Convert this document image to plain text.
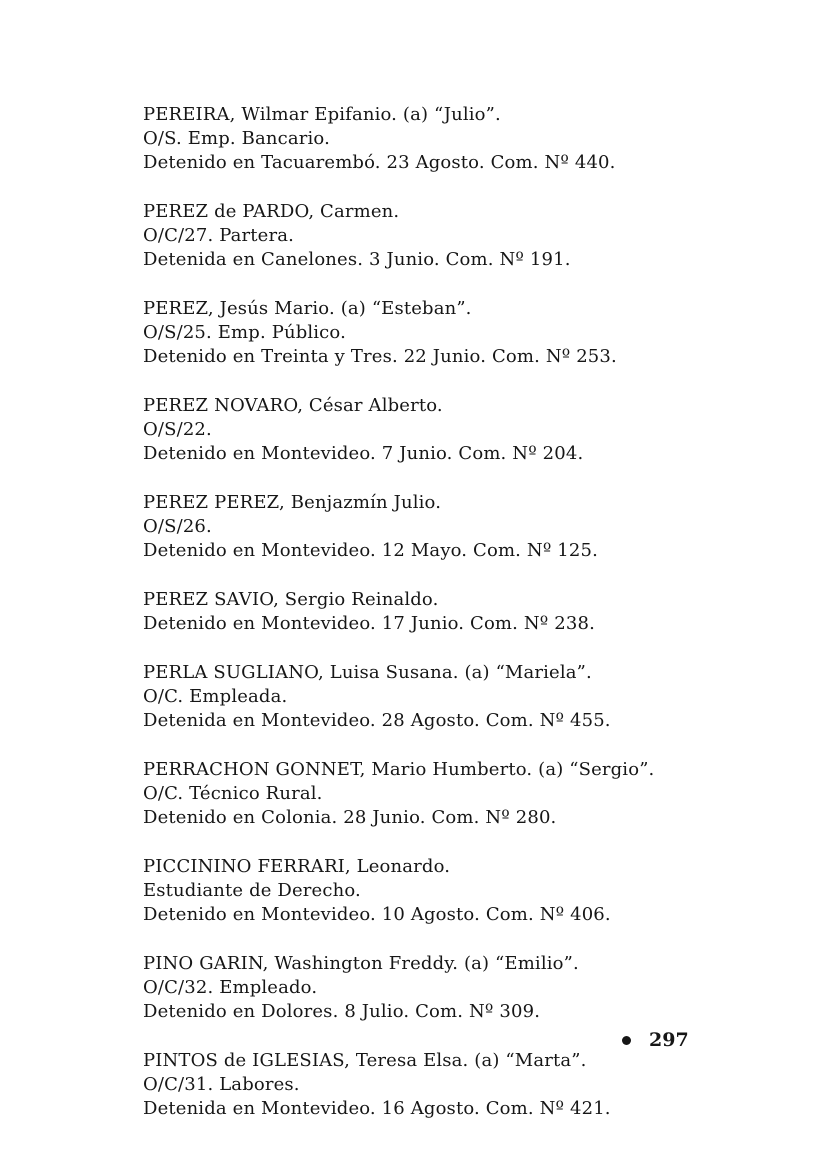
PEREIRA, Wilmar Epifanio. (a) “Julio”.
O/S. Emp. Bancario.
Detenido en Tacuarembó. 23 Agosto. Com. Nº 440.
PEREZ de PARDO, Carmen.
O/C/27. Partera.
Detenida en Canelones. 3 Junio. Com. Nº 191.
PEREZ, Jesús Mario. (a) “Esteban”.
O/S/25. Emp. Público.
Detenido en Treinta y Tres. 22 Junio. Com. Nº 253.
PEREZ NOVARO, César Alberto.
O/S/22.
Detenido en Montevideo. 7 Junio. Com. Nº 204.
PEREZ PEREZ, Benjazmín Julio.
O/S/26.
Detenido en Montevideo. 12 Mayo. Com. Nº 125.
PEREZ SAVIO, Sergio Reinaldo.
Detenido en Montevideo. 17 Junio. Com. Nº 238.
PERLA SUGLIANO, Luisa Susana. (a) “Mariela”.
O/C. Empleada.
Detenida en Montevideo. 28 Agosto. Com. Nº 455.
PERRACHON GONNET, Mario Humberto. (a) “Sergio”.
O/C. Técnico Rural.
Detenido en Colonia. 28 Junio. Com. Nº 280.
PICCININO FERRARI, Leonardo.
Estudiante de Derecho.
Detenido en Montevideo. 10 Agosto. Com. Nº 406.
PINO GARIN, Washington Freddy. (a) “Emilio”.
O/C/32. Empleado.
Detenido en Dolores. 8 Julio. Com. Nº 309.
PINTOS de IGLESIAS, Teresa Elsa. (a) “Marta”.
O/C/31. Labores.
Detenida en Montevideo. 16 Agosto. Com. Nº 421.
297
